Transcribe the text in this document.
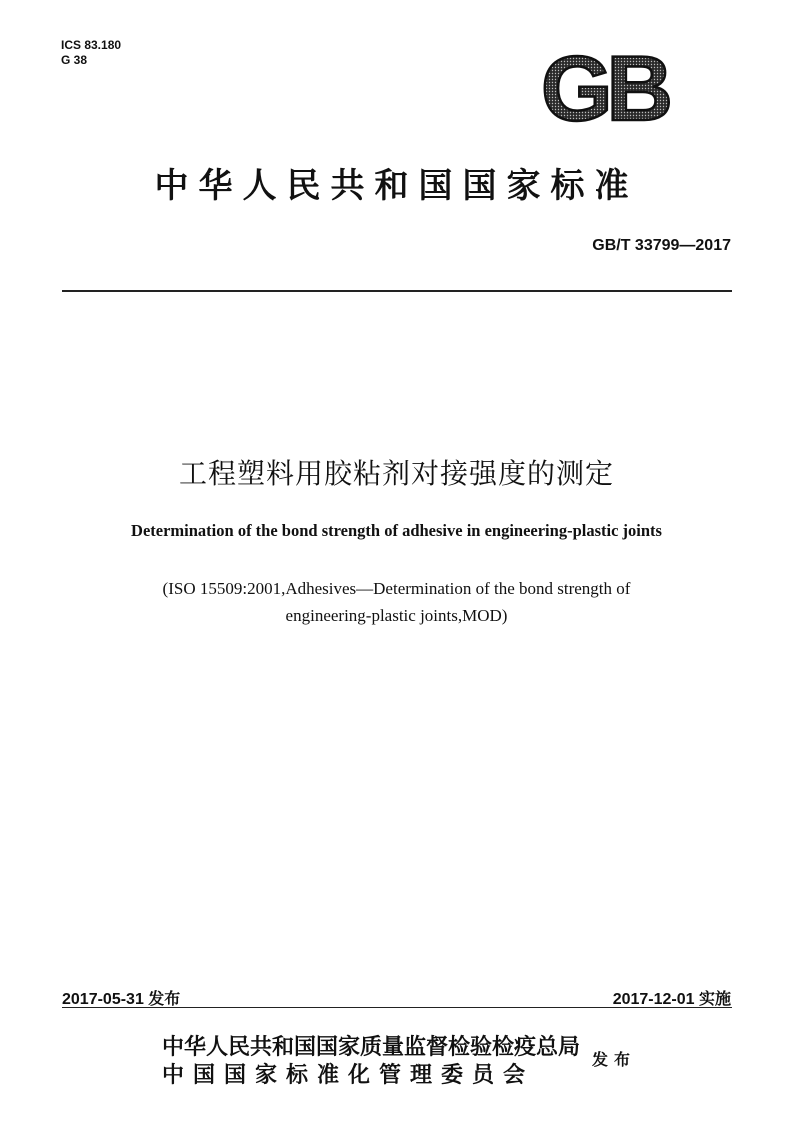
ICS 83.180
G 38	GB
中华人民共和国国家标准
GB/T 33799—2017
工程塑料用胶粘剂对接强度的测定
Determination of the bond strength of adhesive in engineering-plastic joints
(ISO 15509:2001,Adhesives—Determination of the bond strength of
engineering-plastic joints,MOD)
2017-05-31 发布	2017-12-01 实施
中华人民共和国国家质量监督检验检疫总局
中国国家标准化管理委员会
发布
